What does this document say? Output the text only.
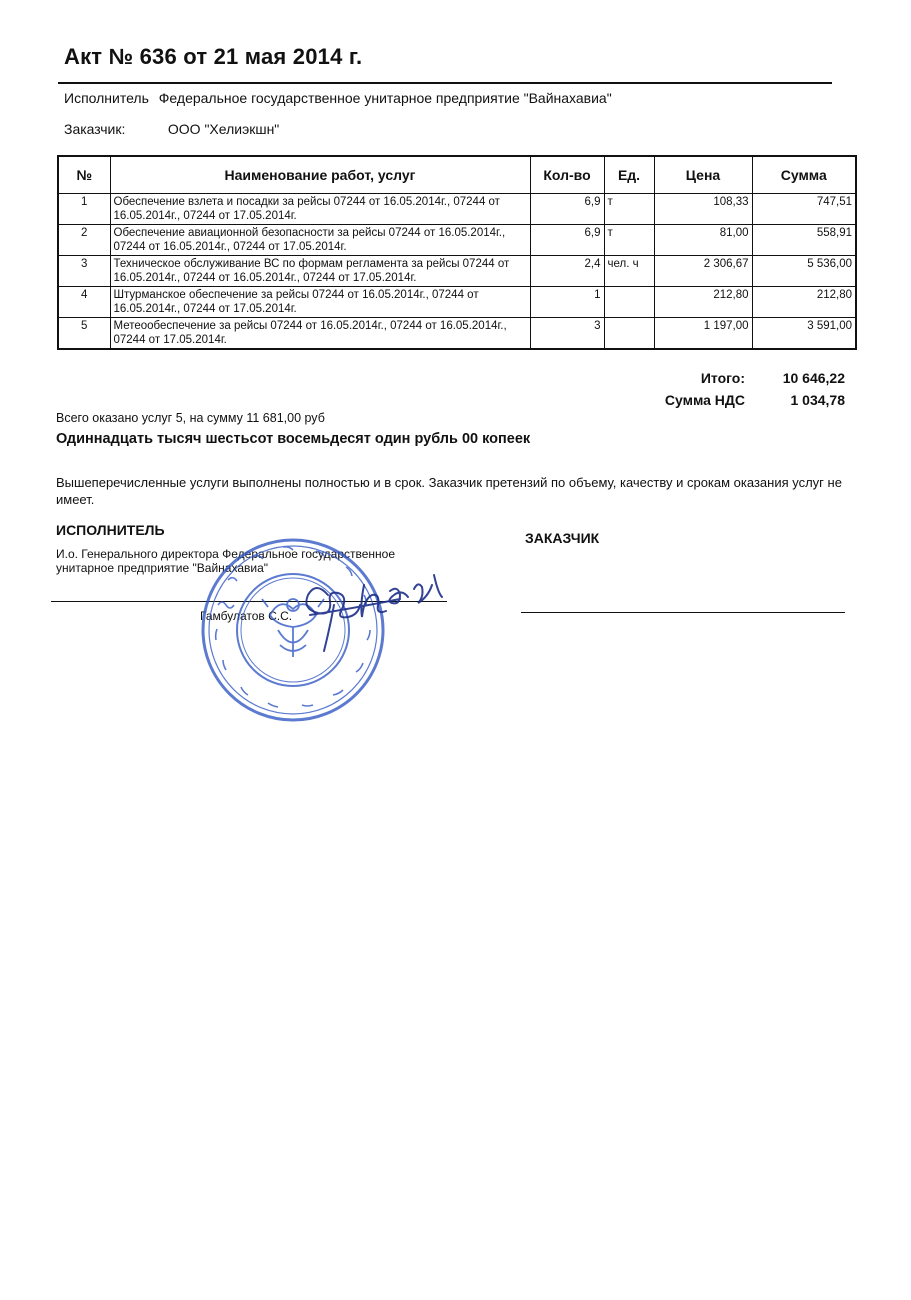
Акт № 636 от 21 мая 2014 г.
Исполнитель Федеральное государственное унитарное предприятие "Вайнахавиа"
Заказчик:	ООО "Хелиэкшн"
№	Наименование работ, услуг	Кол-во	Ед.	Цена	Сумма
1	Обеспечение взлета и посадки за рейсы 07244 от 16.05.2014г., 07244 от 16.05.2014г., 07244 от 17.05.2014г.	6,9	т	108,33	747,51
2	Обеспечение авиационной безопасности за рейсы 07244 от 16.05.2014г., 07244 от 16.05.2014г., 07244 от 17.05.2014г.	6,9	т	81,00	558,91
3	Техническое обслуживание ВС по формам регламента за рейсы 07244 от 16.05.2014г., 07244 от 16.05.2014г., 07244 от 17.05.2014г.	2,4	чел. ч	2 306,67	5 536,00
4	Штурманское обеспечение за рейсы 07244 от 16.05.2014г., 07244 от 16.05.2014г., 07244 от 17.05.2014г.	1		212,80	212,80
5	Метеообеспечение за рейсы 07244 от 16.05.2014г., 07244 от 16.05.2014г., 07244 от 17.05.2014г.	3		1 197,00	3 591,00
Итого:	10 646,22
Сумма НДС	1 034,78
Всего оказано услуг 5, на сумму 11 681,00 руб
Одиннадцать тысяч шестьсот восемьдесят один рубль 00 копеек
Вышеперечисленные услуги выполнены полностью и в срок. Заказчик претензий по объему, качеству и срокам оказания услуг не имеет.
ИСПОЛНИТЕЛЬ
И.о. Генерального директора Федеральное государственное унитарное предприятие "Вайнахавиа"
ЗАКАЗЧИК
Гамбулатов С.С.
